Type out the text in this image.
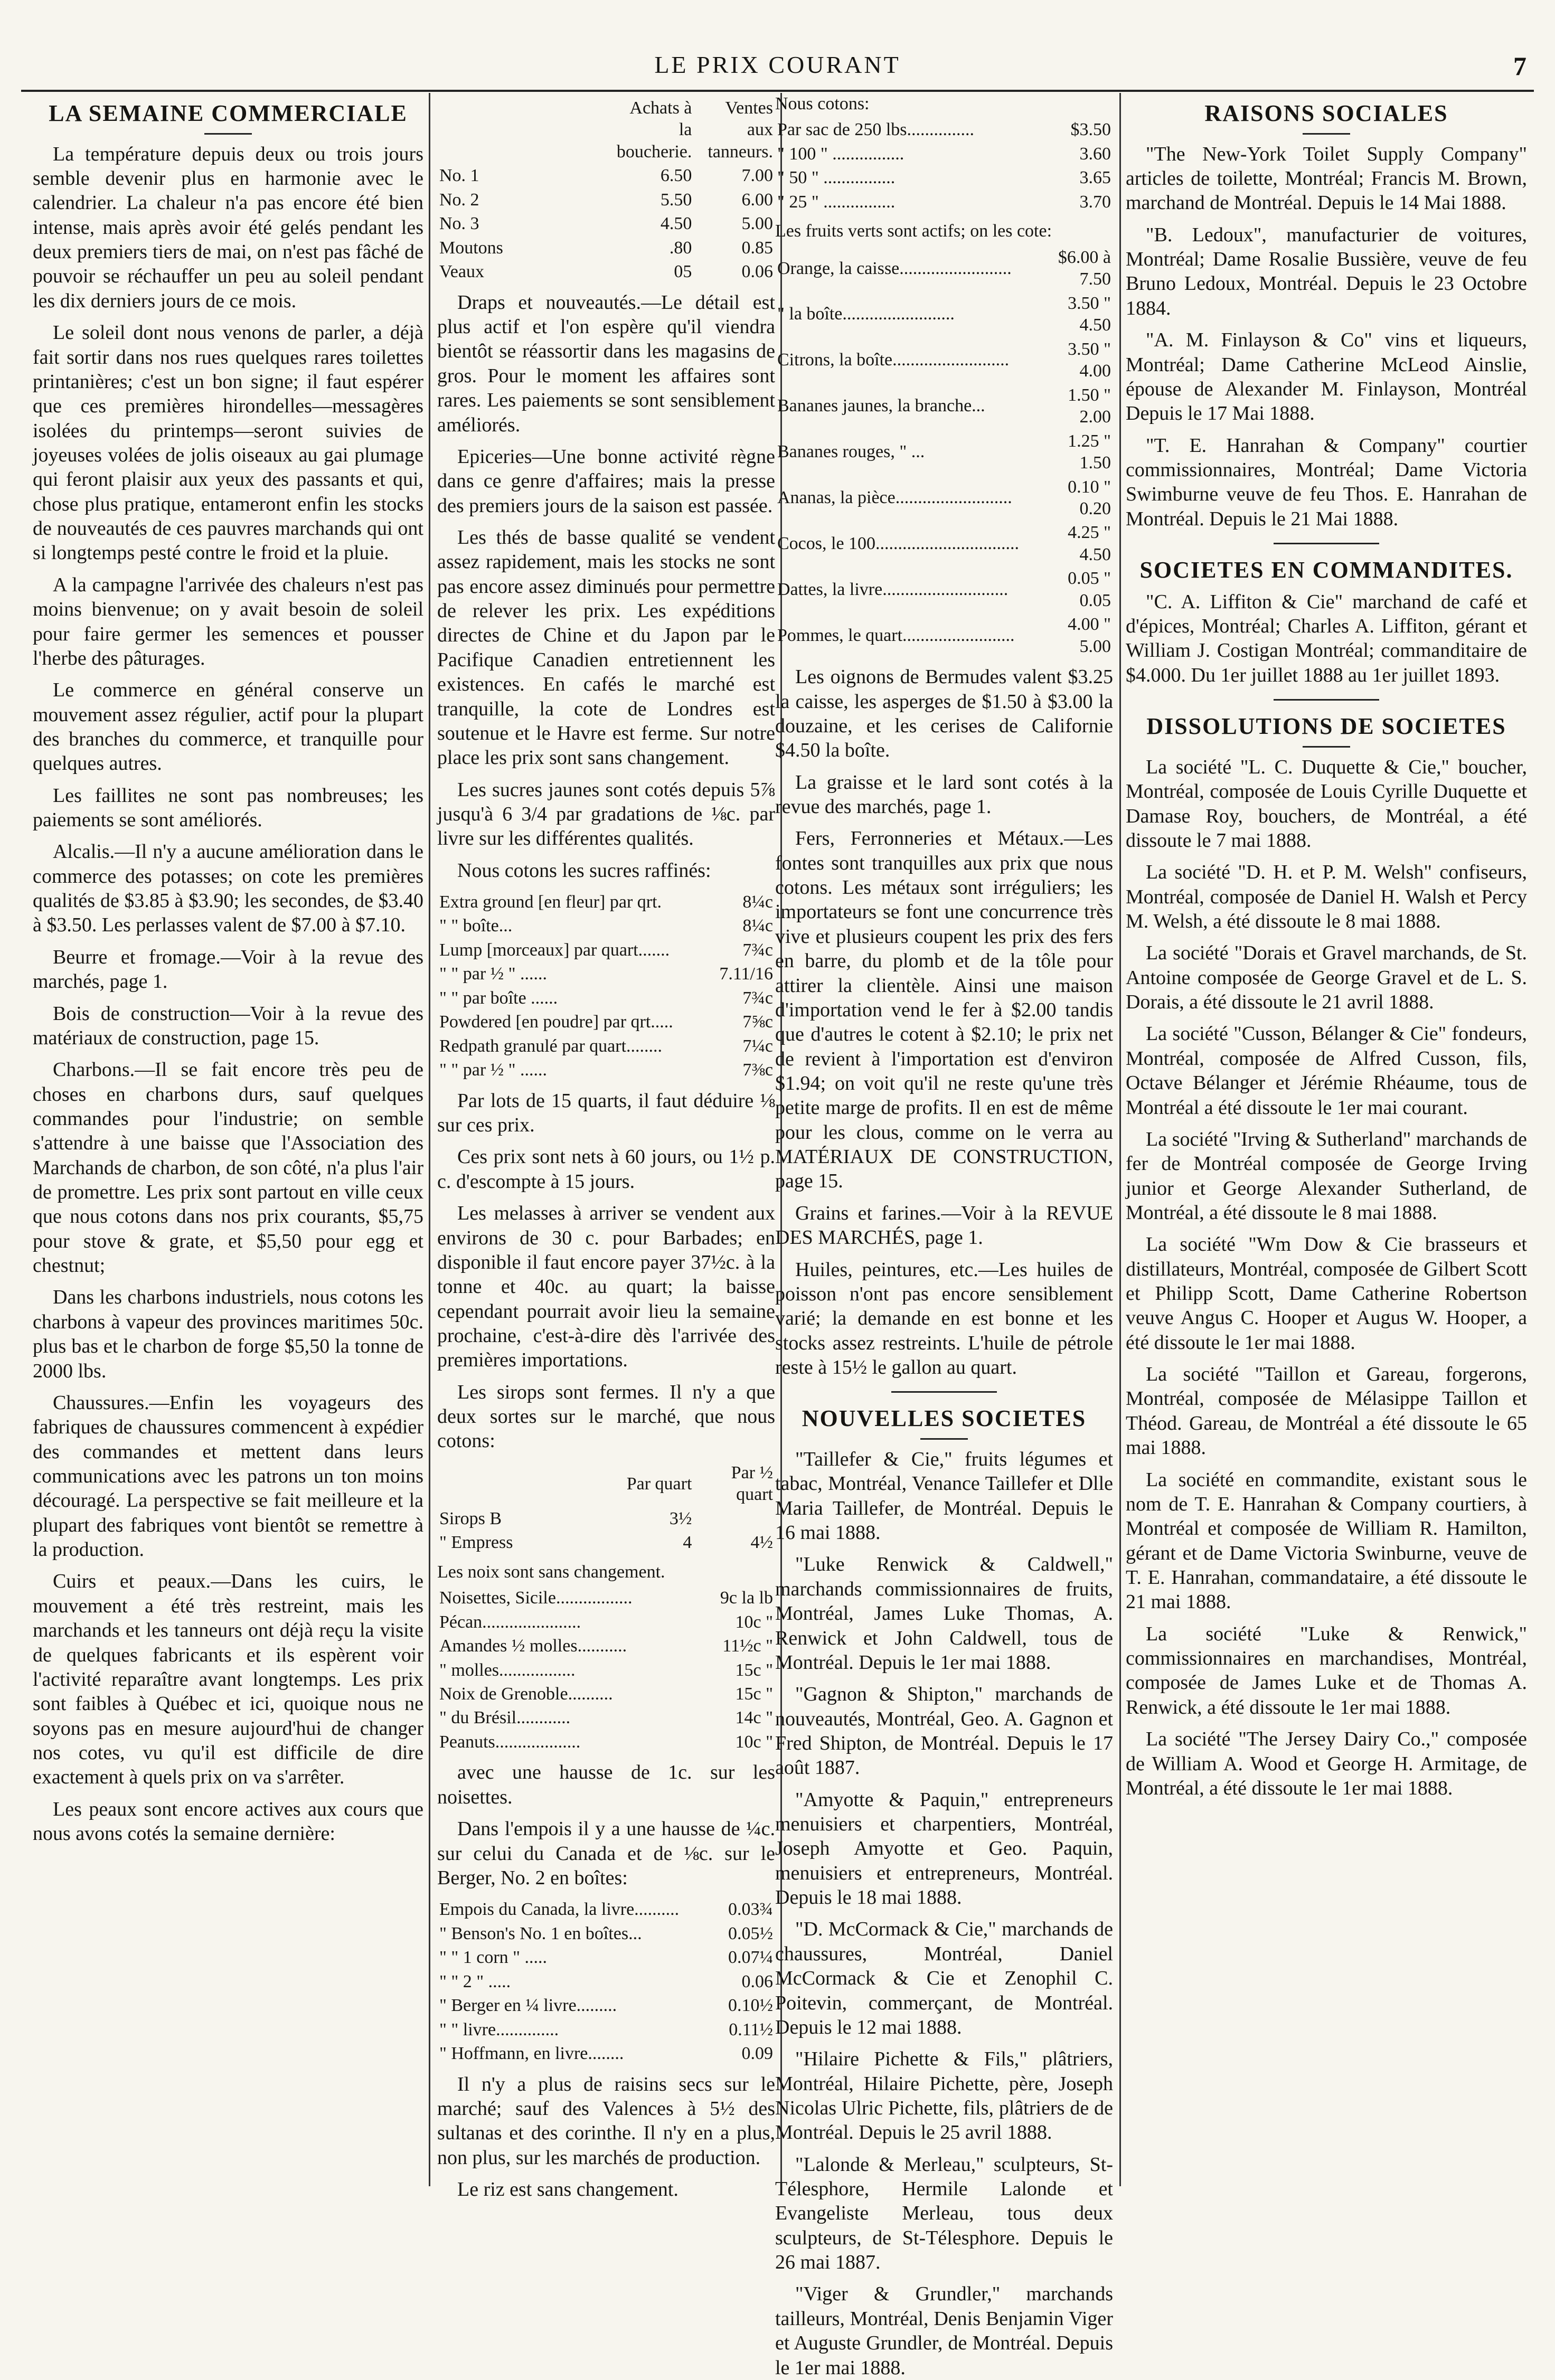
LE PRIX COURANT	7
LA SEMAINE COMMERCIALE

La température depuis deux ou trois jours semble devenir plus en harmonie avec le calendrier. La chaleur n'a pas encore été bien intense, mais après avoir été gelés pendant les deux premiers tiers de mai, on n'est pas fâché de pouvoir se réchauffer un peu au soleil pendant les dix derniers jours de ce mois.

Le soleil dont nous venons de parler, a déjà fait sortir dans nos rues quelques rares toilettes printanières; c'est un bon signe; il faut espérer que ces premières hirondelles—messagères isolées du printemps—seront suivies de joyeuses volées de jolis oiseaux au gai plumage qui feront plaisir aux yeux des passants et qui, chose plus pratique, entameront enfin les stocks de nouveautés de ces pauvres marchands qui ont si longtemps pesté contre le froid et la pluie.

A la campagne l'arrivée des chaleurs n'est pas moins bienvenue; on y avait besoin de soleil pour faire germer les semences et pousser l'herbe des pâturages.

Le commerce en général conserve un mouvement assez régulier, actif pour la plupart des branches du commerce, et tranquille pour quelques autres.

Les faillites ne sont pas nombreuses; les paiements se sont améliorés.

Alcalis.—Il n'y a aucune amélioration dans le commerce des potasses; on cote les premières qualités de $3.85 à $3.90; les secondes, de $3.40 à $3.50. Les perlasses valent de $7.00 à $7.10.

Beurre et fromage.—Voir à la revue des marchés, page 1.

Bois de construction—Voir à la revue des matériaux de construction, page 15.

Charbons.—Il se fait encore très peu de choses en charbons durs, sauf quelques commandes pour l'industrie; on semble s'attendre à une baisse que l'Association des Marchands de charbon, de son côté, n'a plus l'air de promettre. Les prix sont partout en ville ceux que nous cotons dans nos prix courants, $5,75 pour stove & grate, et $5,50 pour egg et chestnut;

Dans les charbons industriels, nous cotons les charbons à vapeur des provinces maritimes 50c. plus bas et le charbon de forge $5,50 la tonne de 2000 lbs.

Chaussures.—Enfin les voyageurs des fabriques de chaussures commencent à expédier des commandes et mettent dans leurs communications avec les patrons un ton moins découragé. La perspective se fait meilleure et la plupart des fabriques vont bientôt se remettre à la production.

Cuirs et peaux.—Dans les cuirs, le mouvement a été très restreint, mais les marchands et les tanneurs ont déjà reçu la visite de quelques fabricants et ils espèrent voir l'activité reparaître avant longtemps. Les prix sont faibles à Québec et ici, quoique nous ne soyons pas en mesure aujourd'hui de changer nos cotes, vu qu'il est difficile de dire exactement à quels prix on va s'arrêter.

Les peaux sont encore actives aux cours que nous avons cotés la semaine dernière:

	Achats à la boucherie.	Ventes aux tanneurs.
No. 1	6.50	7.00
No. 2	5.50	6.00
No. 3	4.50	5.00
Moutons	.80	0.85
Veaux	05	0.06

Draps et nouveautés.—Le détail est plus actif et l'on espère qu'il viendra bientôt se réassortir dans les magasins de gros. Pour le moment les affaires sont rares. Les paiements se sont sensiblement améliorés.

Epiceries—Une bonne activité règne dans ce genre d'affaires; mais la presse des premiers jours de la saison est passée.

Les thés de basse qualité se vendent assez rapidement, mais les stocks ne sont pas encore assez diminués pour permettre de relever les prix. Les expéditions directes de Chine et du Japon par le Pacifique Canadien entretiennent les existences. En cafés le marché est tranquille, la cote de Londres est soutenue et le Havre est ferme. Sur notre place les prix sont sans changement.

Les sucres jaunes sont cotés depuis 5⅞ jusqu'à 6 3/4 par gradations de ⅛c. par livre sur les différentes qualités.

Nous cotons les sucres raffinés:

Extra ground [en fleur] par qrt.	8¼c
" " boîte...	8¼c
Lump [morceaux] par quart.......	7¾c
" " par ½ " ......	7.11/16
" " par boîte ......	7¾c
Powdered [en poudre] par qrt.....	7⅝c
Redpath granulé par quart........	7¼c
" " par ½ " ......	7⅜c

Par lots de 15 quarts, il faut déduire ⅛ sur ces prix.

Ces prix sont nets à 60 jours, ou 1½ p. c. d'escompte à 15 jours.

Les melasses à arriver se vendent aux environs de 30 c. pour Barbades; en disponible il faut encore payer 37½c. à la tonne et 40c. au quart; la baisse cependant pourrait avoir lieu la semaine prochaine, c'est-à-dire dès l'arrivée des premières importations.

Les sirops sont fermes. Il n'y a que deux sortes sur le marché, que nous cotons:

	Par quart	Par ½ quart
Sirops B	3½	
" Empress	4	4½
Les noix sont sans changement.
Noisettes, Sicile.................	9c la lb
Pécan......................	10c "
Amandes ½ molles...........	11½c "
" molles.................	15c "
Noix de Grenoble..........	15c "
" du Brésil............	14c "
Peanuts...................	10c "

avec une hausse de 1c. sur les noisettes.

Dans l'empois il y a une hausse de ¼c. sur celui du Canada et de ⅛c. sur le Berger, No. 2 en boîtes:

Empois du Canada, la livre..........	0.03¾
" Benson's No. 1 en boîtes...	0.05½
" " 1 corn " .....	0.07¼
" " 2 " .....	0.06
" Berger en ¼ livre.........	0.10½
" " livre..............	0.11½
" Hoffmann, en livre........	0.09

Il n'y a plus de raisins secs sur le marché; sauf des Valences à 5½ des sultanas et des corinthe. Il n'y en a plus, non plus, sur les marchés de production.

Le riz est sans changement.

Nous cotons:
Par sac de 250 lbs...............	$3.50
" 100 " ................	3.60
" 50 " ................	3.65
" 25 " ................	3.70
Les fruits verts sont actifs; on les cote:
Orange, la caisse.........................	$6.00 à 7.50
" la boîte.........................	3.50 " 4.50
Citrons, la boîte..........................	3.50 " 4.00
Bananes jaunes, la branche...	1.50 " 2.00
Bananes rouges, " ...	1.25 " 1.50
Ananas, la pièce..........................	0.10 " 0.20
Cocos, le 100................................	4.25 " 4.50
Dattes, la livre............................	0.05 " 0.05
Pommes, le quart.........................	4.00 " 5.00

Les oignons de Bermudes valent $3.25 la caisse, les asperges de $1.50 à $3.00 la douzaine, et les cerises de Californie $4.50 la boîte.

La graisse et le lard sont cotés à la revue des marchés, page 1.

Fers, Ferronneries et Métaux.—Les fontes sont tranquilles aux prix que nous cotons. Les métaux sont irréguliers; les importateurs se font une concurrence très vive et plusieurs coupent les prix des fers en barre, du plomb et de la tôle pour attirer la clientèle. Ainsi une maison d'importation vend le fer à $2.00 tandis que d'autres le cotent à $2.10; le prix net de revient à l'importation est d'environ $1.94; on voit qu'il ne reste qu'une très petite marge de profits. Il en est de même pour les clous, comme on le verra au MATÉRIAUX DE CONSTRUCTION, page 15.

Grains et farines.—Voir à la REVUE DES MARCHÉS, page 1.

Huiles, peintures, etc.—Les huiles de poisson n'ont pas encore sensiblement varié; la demande en est bonne et les stocks assez restreints. L'huile de pétrole reste à 15½ le gallon au quart.

NOUVELLES SOCIETES

"Taillefer & Cie," fruits légumes et tabac, Montréal, Venance Taillefer et Dlle Maria Taillefer, de Montréal. Depuis le 16 mai 1888.

"Luke Renwick & Caldwell," marchands commissionnaires de fruits, Montréal, James Luke Thomas, A. Renwick et John Caldwell, tous de Montréal. Depuis le 1er mai 1888.

"Gagnon & Shipton," marchands de nouveautés, Montréal, Geo. A. Gagnon et Fred Shipton, de Montréal. Depuis le 17 août 1887.

"Amyotte & Paquin," entrepreneurs menuisiers et charpentiers, Montréal, Joseph Amyotte et Geo. Paquin, menuisiers et entrepreneurs, Montréal. Depuis le 18 mai 1888.

"D. McCormack & Cie," marchands de chaussures, Montréal, Daniel McCormack & Cie et Zenophil C. Poitevin, commerçant, de Montréal. Depuis le 12 mai 1888.

"Hilaire Pichette & Fils," plâtriers, Montréal, Hilaire Pichette, père, Joseph Nicolas Ulric Pichette, fils, plâtriers de de Montréal. Depuis le 25 avril 1888.

"Lalonde & Merleau," sculpteurs, St-Télesphore, Hermile Lalonde et Evangeliste Merleau, tous deux sculpteurs, de St-Télesphore. Depuis le 26 mai 1887.

"Viger & Grundler," marchands tailleurs, Montréal, Denis Benjamin Viger et Auguste Grundler, de Montréal. Depuis le 1er mai 1888.

RAISONS SOCIALES

"The New-York Toilet Supply Company" articles de toilette, Montréal; Francis M. Brown, marchand de Montréal. Depuis le 14 Mai 1888.

"B. Ledoux", manufacturier de voitures, Montréal; Dame Rosalie Bussière, veuve de feu Bruno Ledoux, Montréal. Depuis le 23 Octobre 1884.

"A. M. Finlayson & Co" vins et liqueurs, Montréal; Dame Catherine McLeod Ainslie, épouse de Alexander M. Finlayson, Montréal Depuis le 17 Mai 1888.

"T. E. Hanrahan & Company" courtier commissionnaires, Montréal; Dame Victoria Swimburne veuve de feu Thos. E. Hanrahan de Montréal. Depuis le 21 Mai 1888.

SOCIETES EN COMMANDITES.

"C. A. Liffiton & Cie" marchand de café et d'épices, Montréal; Charles A. Liffiton, gérant et William J. Costigan Montréal; commanditaire de $4.000. Du 1er juillet 1888 au 1er juillet 1893.

DISSOLUTIONS DE SOCIETES

La société "L. C. Duquette & Cie," boucher, Montréal, composée de Louis Cyrille Duquette et Damase Roy, bouchers, de Montréal, a été dissoute le 7 mai 1888.

La société "D. H. et P. M. Welsh" confiseurs, Montréal, composée de Daniel H. Walsh et Percy M. Welsh, a été dissoute le 8 mai 1888.

La société "Dorais et Gravel marchands, de St. Antoine composée de George Gravel et de L. S. Dorais, a été dissoute le 21 avril 1888.

La société "Cusson, Bélanger & Cie" fondeurs, Montréal, composée de Alfred Cusson, fils, Octave Bélanger et Jérémie Rhéaume, tous de Montréal a été dissoute le 1er mai courant.

La société "Irving & Sutherland" marchands de fer de Montréal composée de George Irving junior et George Alexander Sutherland, de Montréal, a été dissoute le 8 mai 1888.

La société "Wm Dow & Cie brasseurs et distillateurs, Montréal, composée de Gilbert Scott et Philipp Scott, Dame Catherine Robertson veuve Angus C. Hooper et Augus W. Hooper, a été dissoute le 1er mai 1888.

La société "Taillon et Gareau, forgerons, Montréal, composée de Mélasippe Taillon et Théod. Gareau, de Montréal a été dissoute le 65 mai 1888.

La société en commandite, existant sous le nom de T. E. Hanrahan & Company courtiers, à Montréal et composée de William R. Hamilton, gérant et de Dame Victoria Swinburne, veuve de T. E. Hanrahan, commandataire, a été dissoute le 21 mai 1888.

La société "Luke & Renwick," commissionnaires en marchandises, Montréal, composée de James Luke et de Thomas A. Renwick, a été dissoute le 1er mai 1888.

La société "The Jersey Dairy Co.," composée de William A. Wood et George H. Armitage, de Montréal, a été dissoute le 1er mai 1888.
